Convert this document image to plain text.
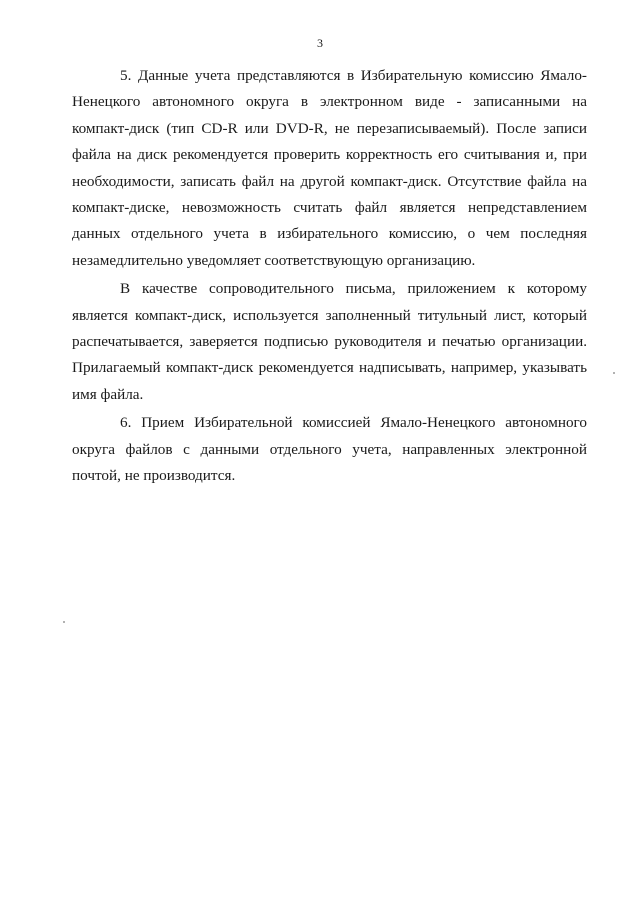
3
5. Данные учета представляются в Избирательную комиссию Ямало-
Ненецкого автономного округа в электронном виде - записанными на
компакт-диск (тип CD-R или DVD-R, не перезаписываемый). После записи
файла на диск рекомендуется проверить корректность его считывания и, при
необходимости, записать файл на другой компакт-диск. Отсутствие файла на
компакт-диске, невозможность считать файл является непредставлением
данных отдельного учета в избирательного комиссию, о чем последняя
незамедлительно уведомляет соответствующую организацию.
В качестве сопроводительного письма, приложением к которому
является компакт-диск, используется заполненный титульный лист, который
распечатывается, заверяется подписью руководителя и печатью организации.
Прилагаемый компакт-диск рекомендуется надписывать, например, указывать
имя файла.
6. Прием Избирательной комиссией Ямало-Ненецкого автономного
округа файлов с данными отдельного учета, направленных электронной
почтой, не производится.
